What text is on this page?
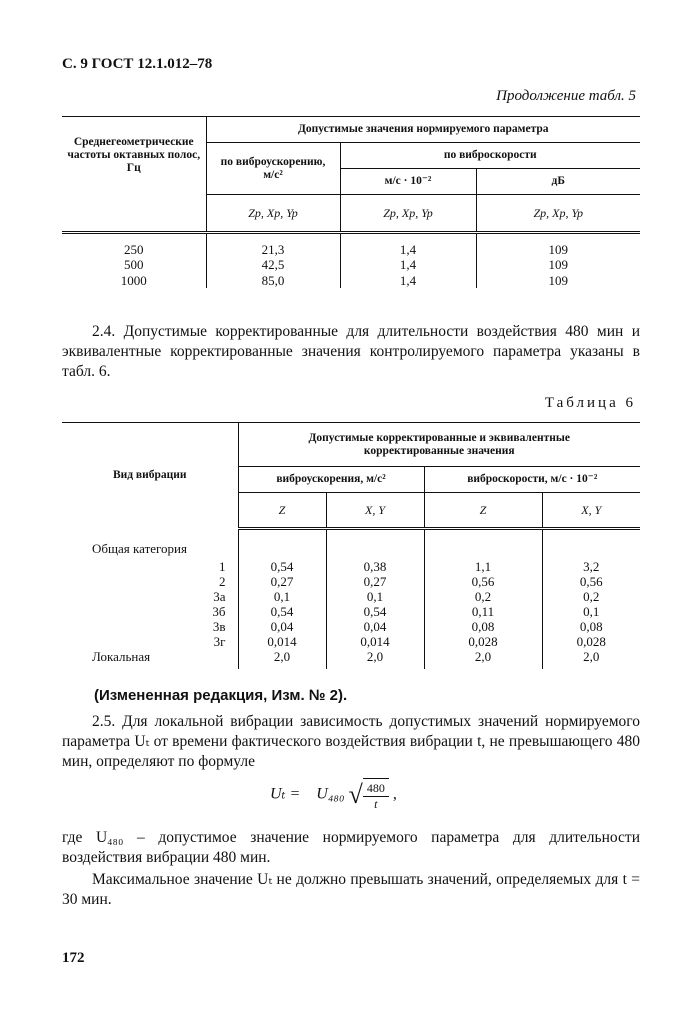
С. 9 ГОСТ 12.1.012–78
Продолжение табл. 5
Среднегеометрические частоты октавных полос, Гц	Допустимые значения нормируемого параметра		
	по виброускорению, м/с²	по виброскорости	
		м/с · 10⁻²	дБ
	Zp, Xp, Yp	Zp, Xp, Yp	Zp, Xp, Yp
250	21,3	1,4	109
500	42,5	1,4	109
1000	85,0	1,4	109
2.4. Допустимые корректированные для длительности воздействия 480 мин и эквивалентные корректированные значения контролируемого параметра указаны в табл. 6.
Таблица 6
Вид вибрации	Допустимые корректированные и эквивалентные корректированные значения			
	виброускорения, м/с²		виброскорости, м/с · 10⁻²	
	Z	X, Y	Z	X, Y
Общая категория				
1	0,54	0,38	1,1	3,2
2	0,27	0,27	0,56	0,56
3а	0,1	0,1	0,2	0,2
3б	0,54	0,54	0,11	0,1
3в	0,04	0,04	0,08	0,08
3г	0,014	0,014	0,028	0,028
Локальная	2,0	2,0	2,0	2,0
(Измененная редакция, Изм. № 2).
2.5. Для локальной вибрации зависимость допустимых значений нормируемого параметра Uₜ от времени фактического воздействия вибрации t, не превышающего 480 мин, определяют по формуле
Uₜ = U₄₈₀ √ $\frac{480}{t}$ ,
где U₄₈₀ – допустимое значение нормируемого параметра для длительности воздействия вибрации 480 мин.
Максимальное значение Uₜ не должно превышать значений, определяемых для t = 30 мин.
172
